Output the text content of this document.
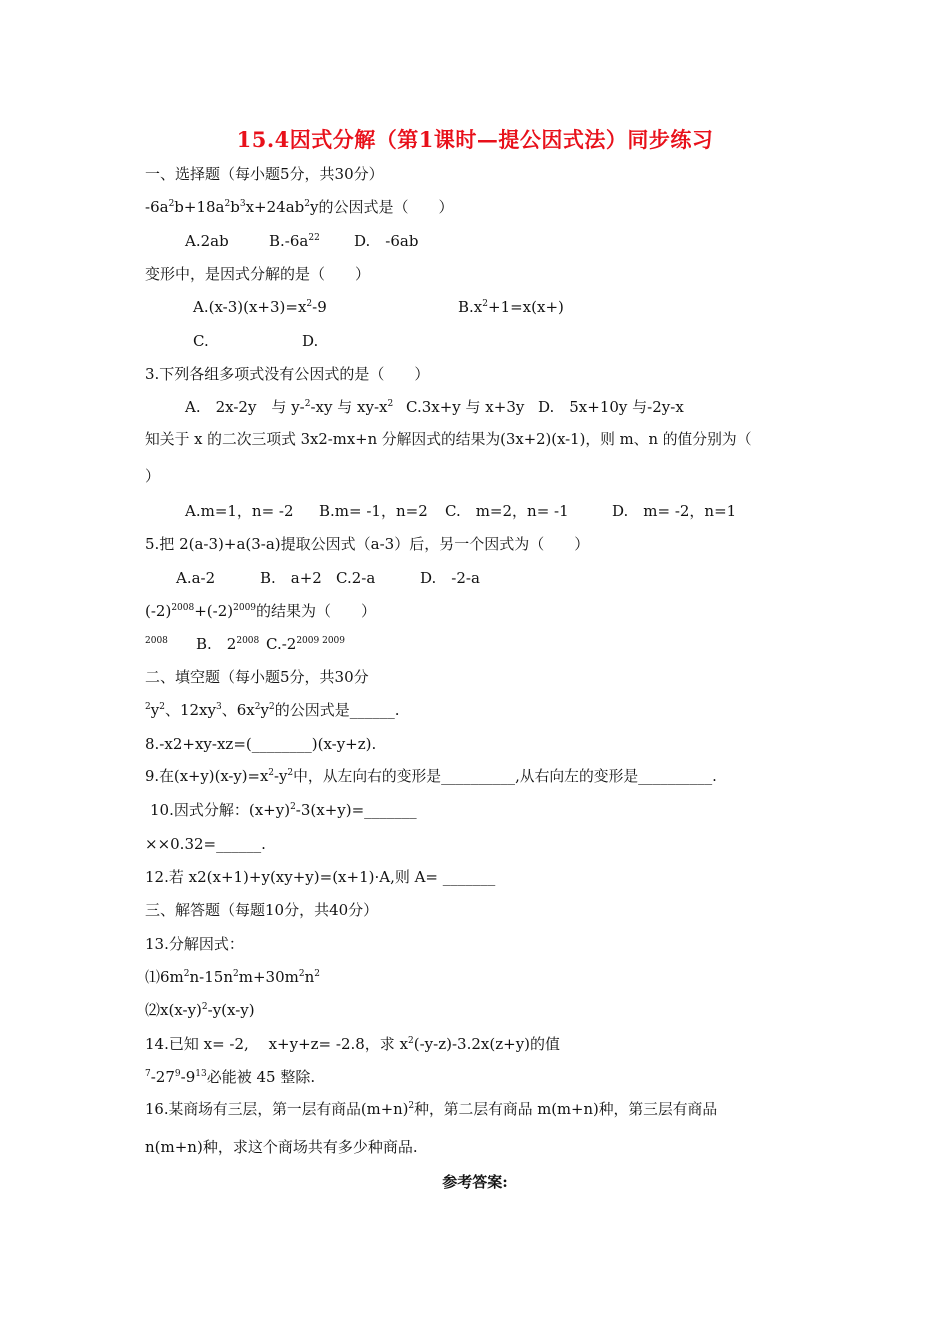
15.4因式分解（第1课时—提公因式法）同步练习
一、选择题（每小题5分，共30分）
$-6a^2b+18a^2b^3x+24ab^2y$的公因式是（　　）
A.2ab	$B.-6a^{22}$ D.　-6ab
变形中，是因式分解的是（　　）
$A.(x-3)(x+3)=x^2-9$	$B.x^2+1=x(x+)$
C.	D.
3.下列各组多项式没有公因式的是（　　）
A.　2x-2y　与 y-$^2$-xy 与 $xy-x^2$ C.3x+y 与 x+3y D.　5x+10y 与-2y-x
知关于 x 的二次三项式 3x2-mx+n 分解因式的结果为(3x+2)(x-1)，则 m、n 的值分别为（
）
A.m=1，n= -2 B.m= -1，n=2 C.　m=2，n= -1	D.　m= -2，n=1
5.把 2(a-3)+a(3-a)提取公因式（a-3）后，另一个因式为（　　）
A.a-2	B.　a+2 C.2-a	D.　-2-a
$(-2)^{2008}+(-2)^{2009}$的结果为（　　）
$^{2008}$ B.　$2^{2008}$ $C.-2^{2009 2009}$
二、填空题（每小题5分，共30分
$^2y^2$、$12xy^3$、$6x^2y^2$的公因式是______.
8.-x2+xy-xz=(________)(x-y+z).
9.在$(x+y)(x-y)=x^2-y^2$中，从左向右的变形是__________,从右向左的变形是__________.
10.因式分解：$(x+y)^2-3(x+y)=\_\_\_\_\_\_\_$
××0.32=______.
12.若 x2(x+1)+y(xy+y)=(x+1)·A,则 A= _______
三、解答题（每题10分，共40分）
13.分解因式：
$⑴6m^2n-15n^2m+30m^2n^2$
$⑵x(x-y)^2-y(x-y)$
14.已知 x= -2,　 x+y+z= -2.8，求 $x^2(-y-z)-3.2x(z+y)$的值
$^7-27^9-9^{13}$必能被 45 整除.
16.某商场有三层，第一层有商品$(m+n)^2$种，第二层有商品 m(m+n)种，第三层有商品
n(m+n)种，求这个商场共有多少种商品.
参考答案:
